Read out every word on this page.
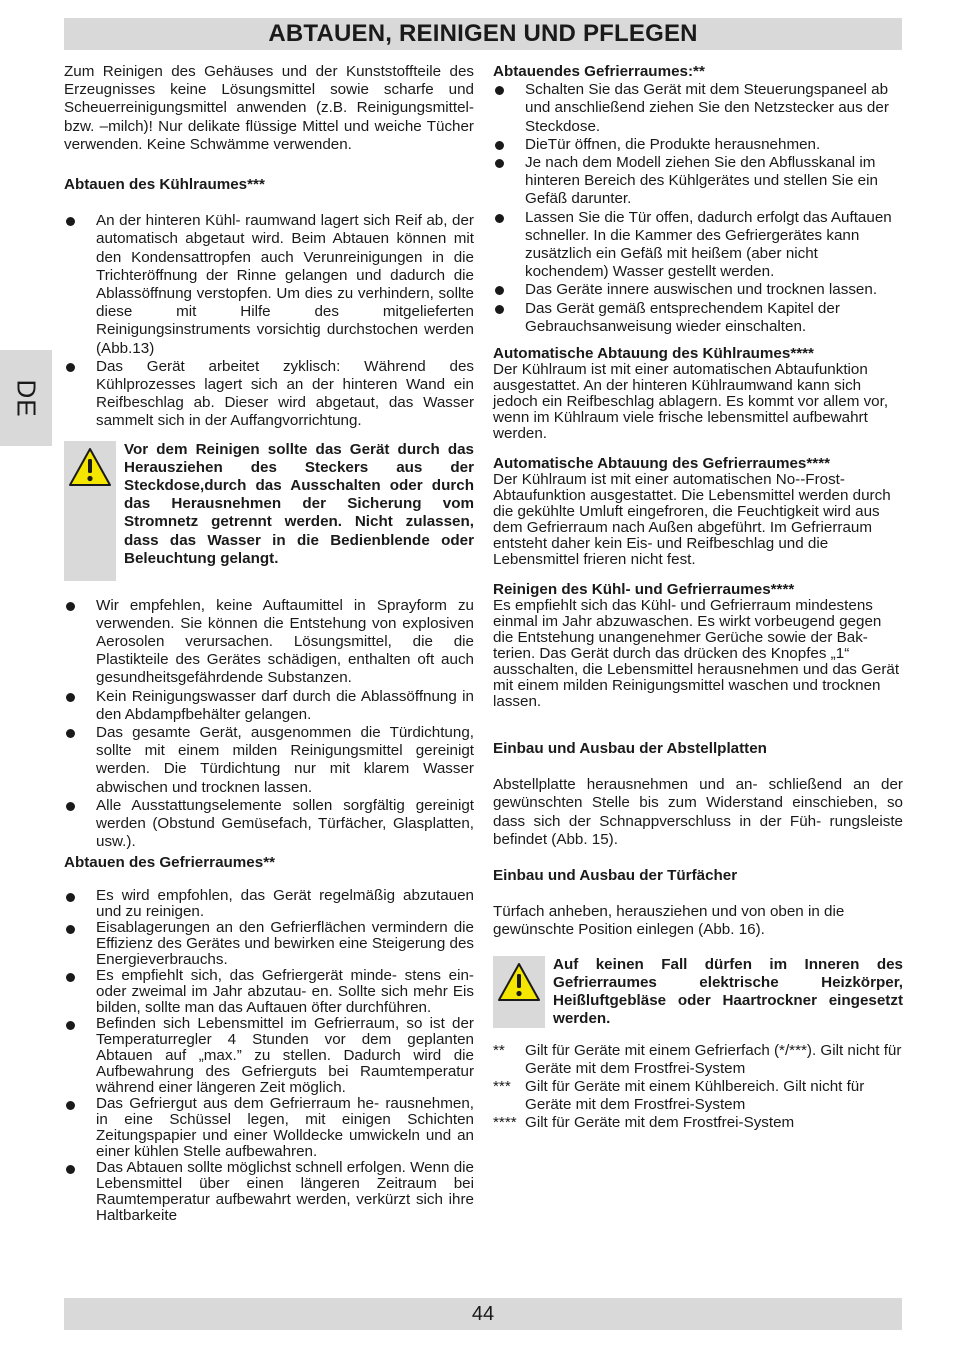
ABTAUEN, REINIGEN UND PFLEGEN
DE

Zum Reinigen des Gehäuses und der Kunststoffteile des Erzeugnisses keine Lösungsmittel sowie scharfe und Scheuerreinigungsmittel anwenden (z.B. Reinigungsmittel- bzw. –milch)! Nur delikate flüssige Mittel und weiche Tücher verwenden. Keine Schwämme verwenden.

Abtauen des Kühlraumes***

An der hinteren Kühl- raumwand lagert sich Reif ab, der automatisch abgetaut wird. Beim Abtauen können mit den Kondensattropfen auch Verunreinigungen in die Trichteröffnung der Rinne gelangen und dadurch die Ablassöffnung verstopfen. Um dies zu verhindern, sollte diese mit Hilfe des mitgelieferten Reinigungsinstruments vorsichtig durchstochen werden (Abb.13)
Das Gerät arbeitet zyklisch: Während des Kühlprozesses lagert sich an der hinteren Wand ein Reifbeschlag ab. Dieser wird abgetaut, das Wasser sammelt sich in der Auffangvorrichtung.
Vor dem Reinigen sollte das Gerät durch das Herausziehen des Steckers aus der Steckdose,durch das Ausschalten oder durch das Herausnehmen der Sicherung vom Stromnetz getrennt werden. Nicht zulassen, dass das Wasser in die Bedienblende oder Beleuchtung gelangt.
Wir empfehlen, keine Auftaumittel in Sprayform zu verwenden. Sie können die Entstehung von explosiven Aerosolen verursachen. Lösungsmittel, die die Plastikteile des Gerätes schädigen, enthalten oft auch gesundheitsgefährdende Substanzen.
Kein Reinigungswasser darf durch die Ablassöffnung in den Abdampfbehälter gelangen.
Das gesamte Gerät, ausgenommen die Türdichtung, sollte mit einem milden Reinigungsmittel gereinigt werden. Die Türdichtung nur mit klarem Wasser abwischen und trocknen lassen.
Alle Ausstattungselemente sollen sorgfältig gereinigt werden (Obstund Gemüsefach, Türfächer, Glasplatten, usw.).

Abtauen des Gefrierraumes**

Es wird empfohlen, das Gerät regelmäßig abzutauen und zu reinigen.
Eisablagerungen an den Gefrierflächen vermindern die Effizienz des Gerätes und bewirken eine Steigerung des Energieverbrauchs.
Es empfiehlt sich, das Gefriergerät minde- stens ein- oder zweimal im Jahr abzutau- en. Sollte sich mehr Eis bilden, sollte man das Auftauen öfter durchführen.
Befinden sich Lebensmittel im Gefrierraum, so ist der Temperaturregler 4 Stunden vor dem geplanten Abtauen auf „max.” zu stellen. Dadurch wird die Aufbewahrung des Gefrierguts bei Raumtemperatur während einer längeren Zeit möglich.
Das Gefriergut aus dem Gefrierraum he- rausnehmen, in eine Schüssel legen, mit einigen Schichten Zeitungspapier und einer Wolldecke umwickeln und an einer kühlen Stelle aufbewahren.
Das Abtauen sollte möglichst schnell erfolgen. Wenn die Lebensmittel über einen längeren Zeitraum bei Raumtemperatur aufbewahrt werden, verkürzt sich ihre Haltbarkeite

Abtauendes Gefrierraumes:**

Schalten Sie das Gerät mit dem Steuerungspaneel ab und anschließend ziehen Sie den Netzstecker aus der Steckdose.
DieTür öffnen, die Produkte herausnehmen.
Je nach dem Modell ziehen Sie den Abflusskanal im hinteren Bereich des Kühlgerätes und stellen Sie ein Gefäß darunter.
Lassen Sie die Tür offen, dadurch erfolgt das Auftauen schneller. In die Kammer des Gefriergerätes kann zusätzlich ein Gefäß mit heißem (aber nicht kochendem) Wasser gestellt werden.
Das Geräte innere auswischen und trocknen lassen.
Das Gerät gemäß entsprechendem Kapitel der Gebrauchsanweisung wieder einschalten.

Automatische Abtauung des Kühlraumes****

Der Kühlraum ist mit einer automatischen Abtaufunktion ausgestattet. An der hinteren Kühlraumwand kann sich jedoch ein Reifbeschlag ablagern. Es kommt vor allem vor, wenn im Kühlraum viele frische lebensmittel aufbewahrt werden.

Automatische Abtauung des Gefrierraumes****

Der Kühlraum ist mit einer automatischen No--Frost-Abtaufunktion ausgestattet. Die Lebensmittel werden durch die gekühlte Umluft eingefroren, die Feuchtigkeit wird aus dem Gefrierraum nach Außen abgeführt. Im Gefrierraum entsteht daher kein Eis- und Reifbeschlag und die Lebensmittel frieren nicht fest.

Reinigen des Kühl- und Gefrierraumes****

Es empfiehlt sich das Kühl- und Gefrierraum mindestens einmal im Jahr abzuwaschen. Es wirkt vorbeugend gegen die Entstehung unangenehmer Gerüche sowie der Bak- terien. Das Gerät durch das drücken des Knopfes „1“ ausschalten, die Lebensmittel herausnehmen und das Gerät mit einem milden Reinigungsmittel waschen und trocknen lassen.

Einbau und Ausbau der Abstellplatten

Abstellplatte herausnehmen und an- schließend an der gewünschten Stelle bis zum Widerstand einschieben, so dass sich der Schnappverschluss in der Füh- rungsleiste befindet (Abb. 15).

Einbau und Ausbau der Türfächer

Türfach anheben, herausziehen und von oben in die gewünschte Position einlegen (Abb. 16).

Auf keinen Fall dürfen im Inneren des Gefrierraumes elektrische Heizkörper, Heißluftgebläse oder Haartrockner eingesetzt werden.
**	Gilt für Geräte mit einem Gefrierfach (*/***). Gilt nicht für Geräte mit dem Frostfrei-System
*** Gilt für Geräte mit einem Kühlbereich. Gilt nicht für Geräte mit dem Frostfrei-System
**** Gilt für Geräte mit dem Frostfrei-System
44
